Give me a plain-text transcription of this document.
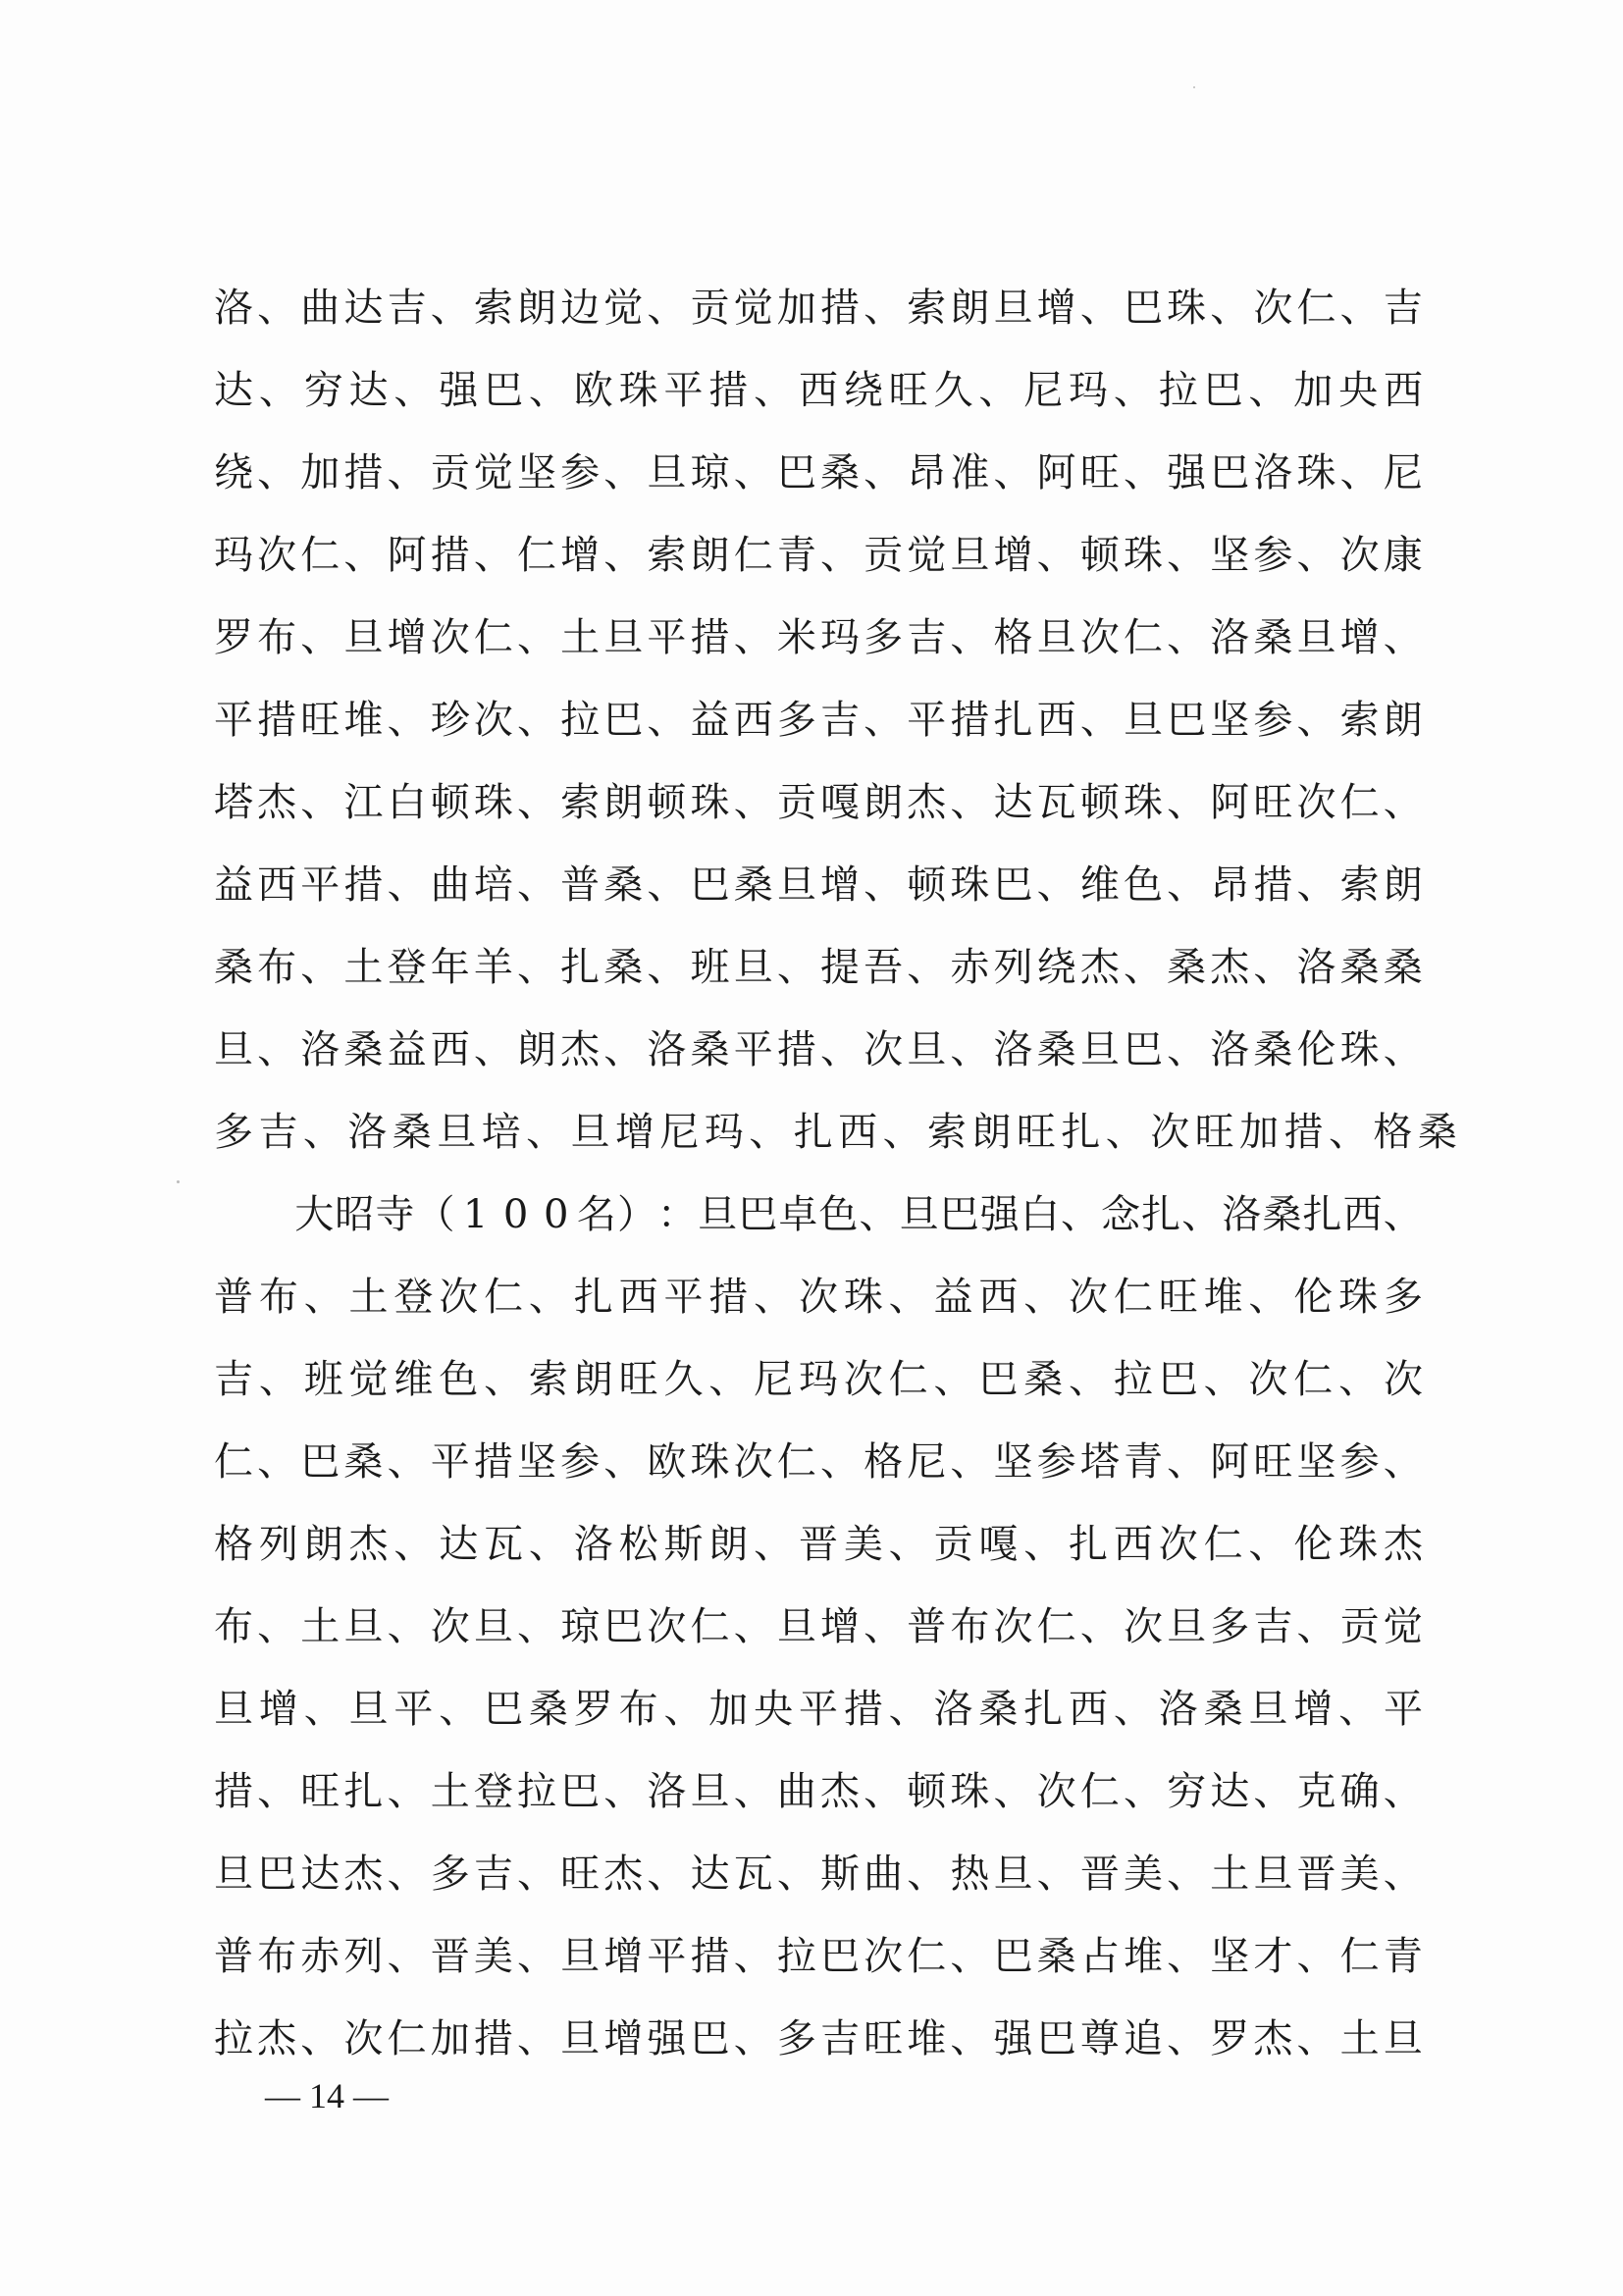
洛 、 曲 达 吉 、 索 朗 边 觉 、 贡 觉 加 措 、 索 朗 旦 增 、 巴 珠 、 次 仁 、 吉
达 、 穷 达 、 强 巴 、 欧 珠 平 措 、 西 绕 旺 久 、 尼 玛 、 拉 巴 、 加 央 西
绕 、 加 措 、 贡 觉 坚 参 、 旦 琼 、 巴 桑 、 昂 准 、 阿 旺 、 强 巴 洛 珠 、 尼
玛 次 仁 、 阿 措 、 仁 增 、 索 朗 仁 青 、 贡 觉 旦 增 、 顿 珠 、 坚 参 、 次 康
罗 布 、 旦 增 次 仁 、 土 旦 平 措 、 米 玛 多 吉 、 格 旦 次 仁 、 洛 桑 旦 增 、
平 措 旺 堆 、 珍 次 、 拉 巴 、 益 西 多 吉 、 平 措 扎 西 、 旦 巴 坚 参 、 索 朗
塔 杰 、 江 白 顿 珠 、 索 朗 顿 珠 、 贡 嘎 朗 杰 、 达 瓦 顿 珠 、 阿 旺 次 仁 、
益 西 平 措 、 曲 培 、 普 桑 、 巴 桑 旦 增 、 顿 珠 巴 、 维 色 、 昂 措 、 索 朗
桑 布 、 土 登 年 羊 、 扎 桑 、 班 旦 、 提 吾 、 赤 列 绕 杰 、 桑 杰 、 洛 桑 桑
旦 、 洛 桑 益 西 、 朗 杰 、 洛 桑 平 措 、 次 旦 、 洛 桑 旦 巴 、 洛 桑 伦 珠 、
多 吉 、 洛 桑 旦 培 、 旦 增 尼 玛 、 扎 西 、 索 朗 旺 扎 、 次 旺 加 措 、 格 桑

大 昭 寺 （ 1 0 0 名 ） ： 旦 巴 卓 色 、 旦 巴 强 白 、 念 扎 、 洛 桑 扎 西 、
普 布 、 土 登 次 仁 、 扎 西 平 措 、 次 珠 、 益 西 、 次 仁 旺 堆 、 伦 珠 多
吉 、 班 觉 维 色 、 索 朗 旺 久 、 尼 玛 次 仁 、 巴 桑 、 拉 巴 、 次 仁 、 次
仁 、 巴 桑 、 平 措 坚 参 、 欧 珠 次 仁 、 格 尼 、 坚 参 塔 青 、 阿 旺 坚 参 、
格 列 朗 杰 、 达 瓦 、 洛 松 斯 朗 、 晋 美 、 贡 嘎 、 扎 西 次 仁 、 伦 珠 杰
布 、 土 旦 、 次 旦 、 琼 巴 次 仁 、 旦 增 、 普 布 次 仁 、 次 旦 多 吉 、 贡 觉
旦 增 、 旦 平 、 巴 桑 罗 布 、 加 央 平 措 、 洛 桑 扎 西 、 洛 桑 旦 增 、 平
措 、 旺 扎 、 土 登 拉 巴 、 洛 旦 、 曲 杰 、 顿 珠 、 次 仁 、 穷 达 、 克 确 、
旦 巴 达 杰 、 多 吉 、 旺 杰 、 达 瓦 、 斯 曲 、 热 旦 、 晋 美 、 土 旦 晋 美 、
普 布 赤 列 、 晋 美 、 旦 增 平 措 、 拉 巴 次 仁 、 巴 桑 占 堆 、 坚 才 、 仁 青
拉 杰 、 次 仁 加 措 、 旦 增 强 巴 、 多 吉 旺 堆 、 强 巴 尊 追 、 罗 杰 、 土 旦
— 14 —
